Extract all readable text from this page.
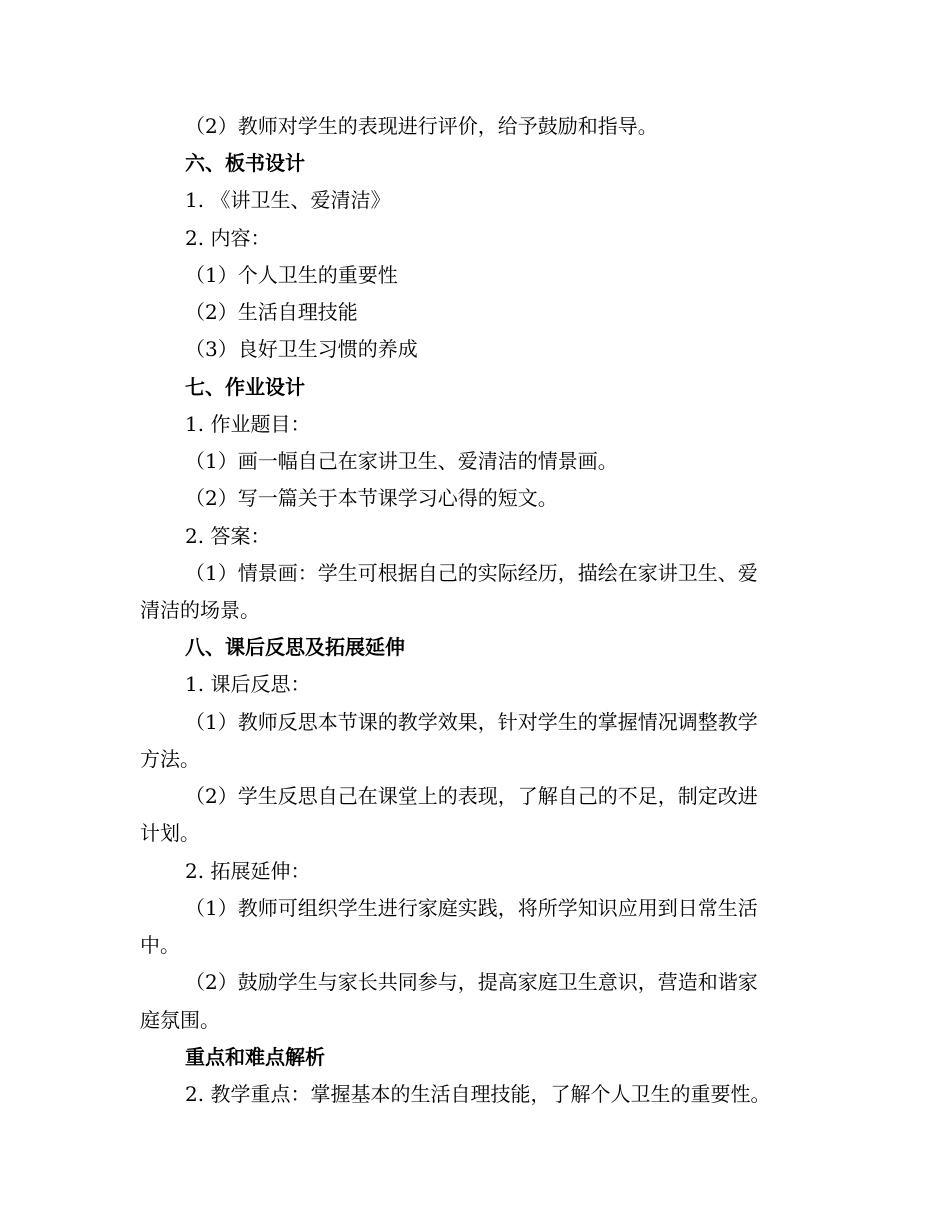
（2）教师对学生的表现进行评价，给予鼓励和指导。
六、板书设计
1. 《讲卫生、爱清洁》
2. 内容：
（1）个人卫生的重要性
（2）生活自理技能
（3）良好卫生习惯的养成
七、作业设计
1. 作业题目：
（1）画一幅自己在家讲卫生、爱清洁的情景画。
（2）写一篇关于本节课学习心得的短文。
2. 答案：
（1）情景画：学生可根据自己的实际经历，描绘在家讲卫生、爱
清洁的场景。
八、课后反思及拓展延伸
1. 课后反思：
（1）教师反思本节课的教学效果，针对学生的掌握情况调整教学
方法。
（2）学生反思自己在课堂上的表现，了解自己的不足，制定改进
计划。
2. 拓展延伸：
（1）教师可组织学生进行家庭实践，将所学知识应用到日常生活
中。
（2）鼓励学生与家长共同参与，提高家庭卫生意识，营造和谐家
庭氛围。
重点和难点解析
2. 教学重点：掌握基本的生活自理技能，了解个人卫生的重要性。
